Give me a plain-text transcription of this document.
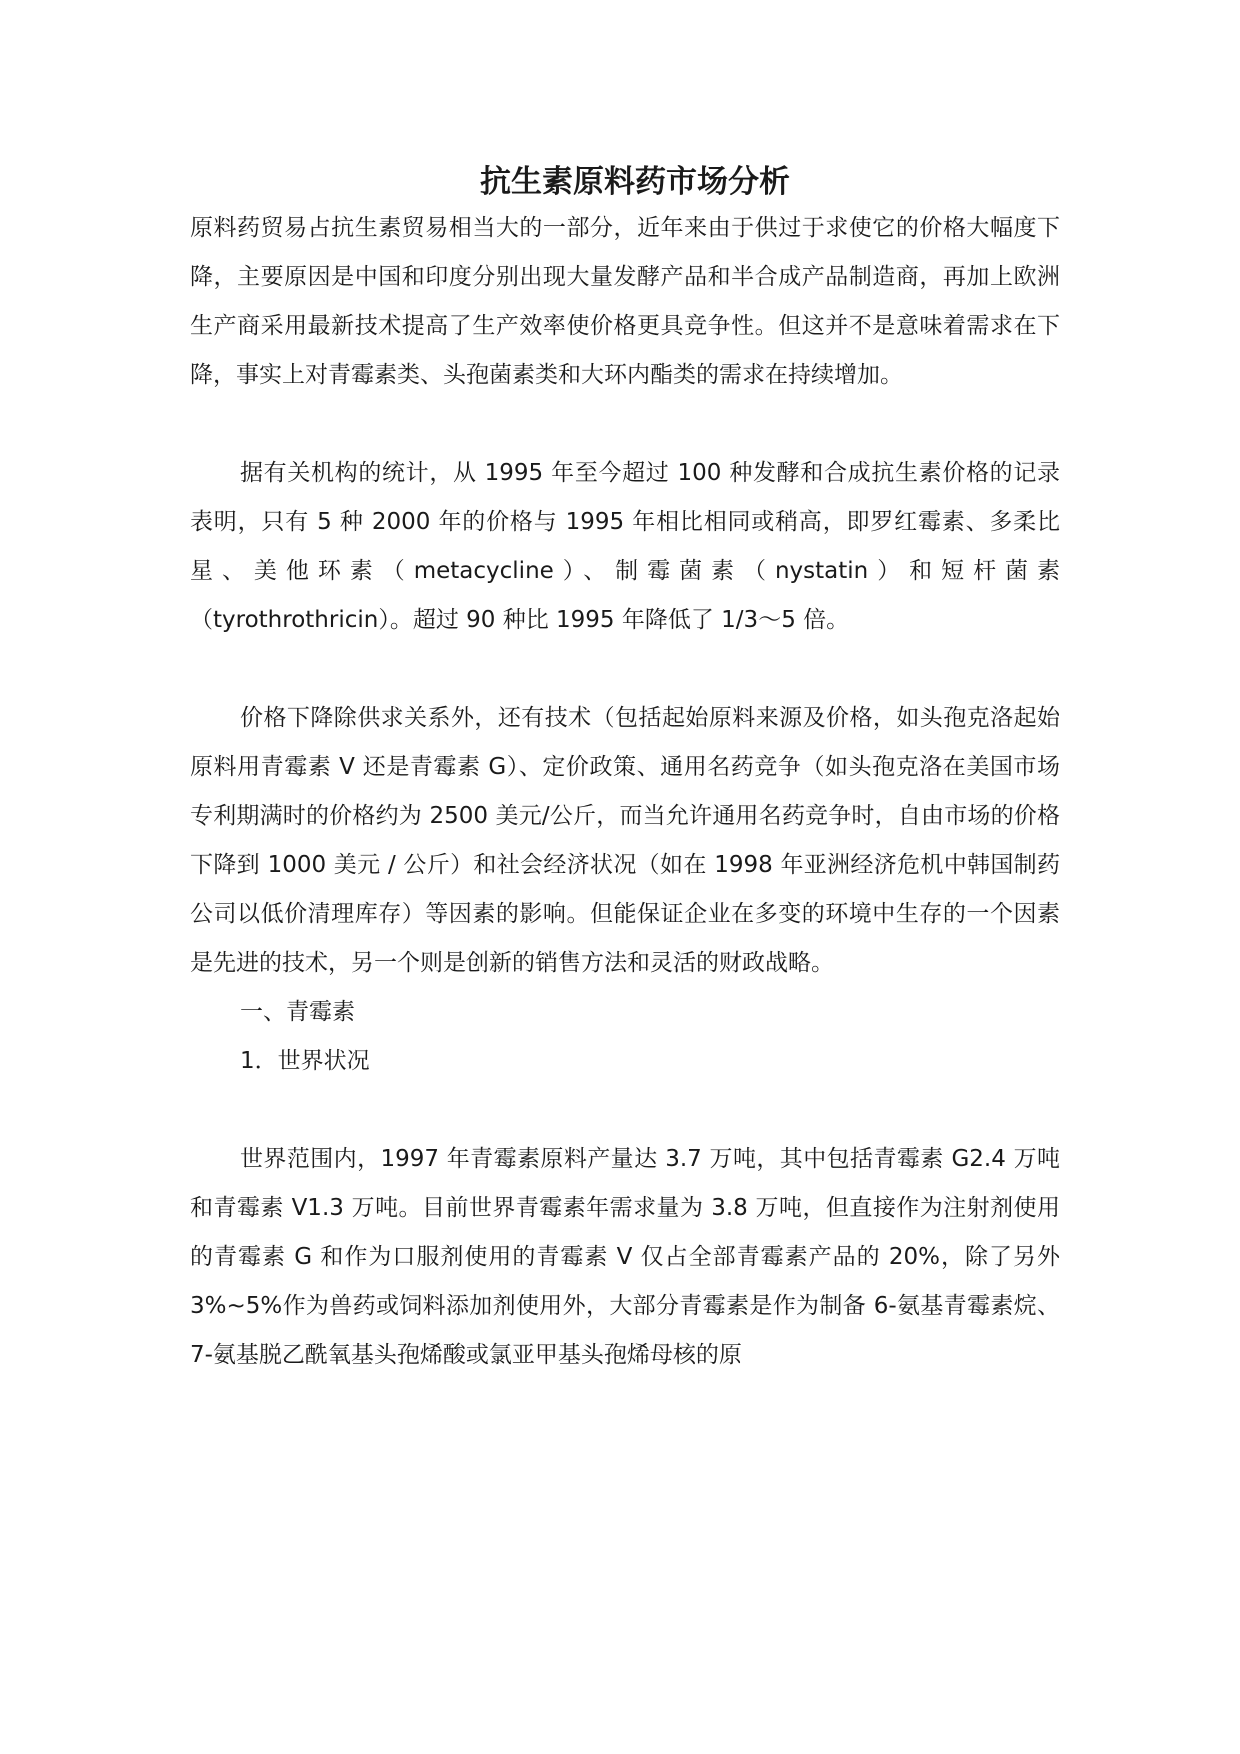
抗生素原料药市场分析

原料药贸易占抗生素贸易相当大的一部分，近年来由于供过于求使它的价格大幅度下降，主要原因是中国和印度分别出现大量发酵产品和半合成产品制造商，再加上欧洲生产商采用最新技术提高了生产效率使价格更具竞争性。但这并不是意味着需求在下降，事实上对青霉素类、头孢菌素类和大环内酯类的需求在持续增加。

据有关机构的统计，从 1995 年至今超过 100 种发酵和合成抗生素价格的记录表明，只有 5 种 2000 年的价格与 1995 年相比相同或稍高，即罗红霉素、多柔比星、美他环素（metacycline）、制霉菌素（nystatin）和短杆菌素（tyrothrothricin）。超过 90 种比 1995 年降低了 1/3～5 倍。

价格下降除供求关系外，还有技术（包括起始原料来源及价格，如头孢克洛起始原料用青霉素 V 还是青霉素 G）、定价政策、通用名药竞争（如头孢克洛在美国市场专利期满时的价格约为 2500 美元/公斤，而当允许通用名药竞争时，自由市场的价格下降到 1000 美元 / 公斤）和社会经济状况（如在 1998 年亚洲经济危机中韩国制药公司以低价清理库存）等因素的影响。但能保证企业在多变的环境中生存的一个因素是先进的技术，另一个则是创新的销售方法和灵活的财政战略。

一、青霉素

1．世界状况

世界范围内，1997 年青霉素原料产量达 3.7 万吨，其中包括青霉素 G2.4 万吨和青霉素 V1.3 万吨。目前世界青霉素年需求量为 3.8 万吨，但直接作为注射剂使用的青霉素 G 和作为口服剂使用的青霉素 V 仅占全部青霉素产品的 20%，除了另外 3%~5%作为兽药或饲料添加剂使用外，大部分青霉素是作为制备 6-氨基青霉素烷、7-氨基脱乙酰氧基头孢烯酸或氯亚甲基头孢烯母核的原
